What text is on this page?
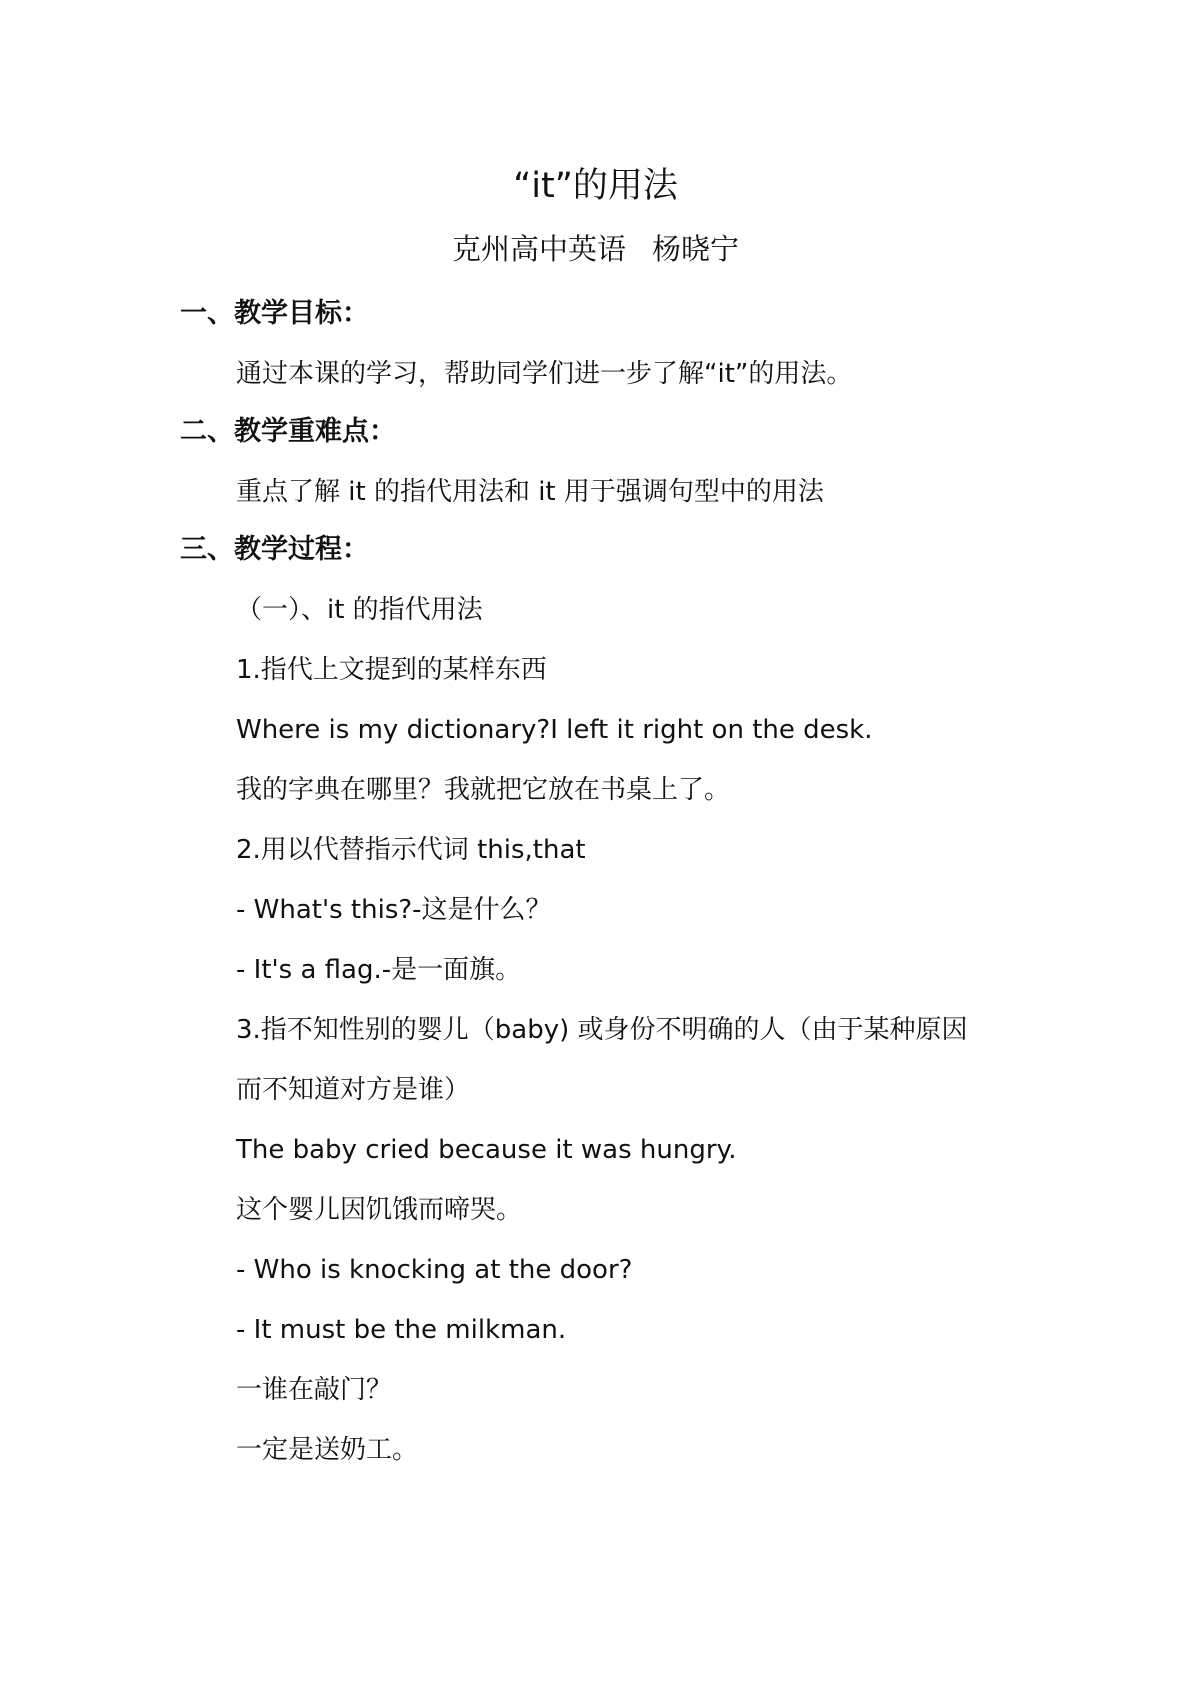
“it”的用法
克州高中英语 杨晓宁
一、教学目标：

通过本课的学习，帮助同学们进一步了解“it”的用法。

二、教学重难点：

重点了解 it 的指代用法和 it 用于强调句型中的用法

三、教学过程：

（一）、it 的指代用法

1.指代上文提到的某样东西

Where is my dictionary?I left it right on the desk.

我的字典在哪里？我就把它放在书桌上了。

2.用以代替指示代词 this,that

- What's this?-这是什么？

- It's a flag.-是一面旗。

3.指不知性别的婴儿（baby) 或身份不明确的人（由于某种原因

而不知道对方是谁）

The baby cried because it was hungry.

这个婴儿因饥饿而啼哭。

- Who is knocking at the door?

- It must be the milkman.

一谁在敲门？

一定是送奶工。
